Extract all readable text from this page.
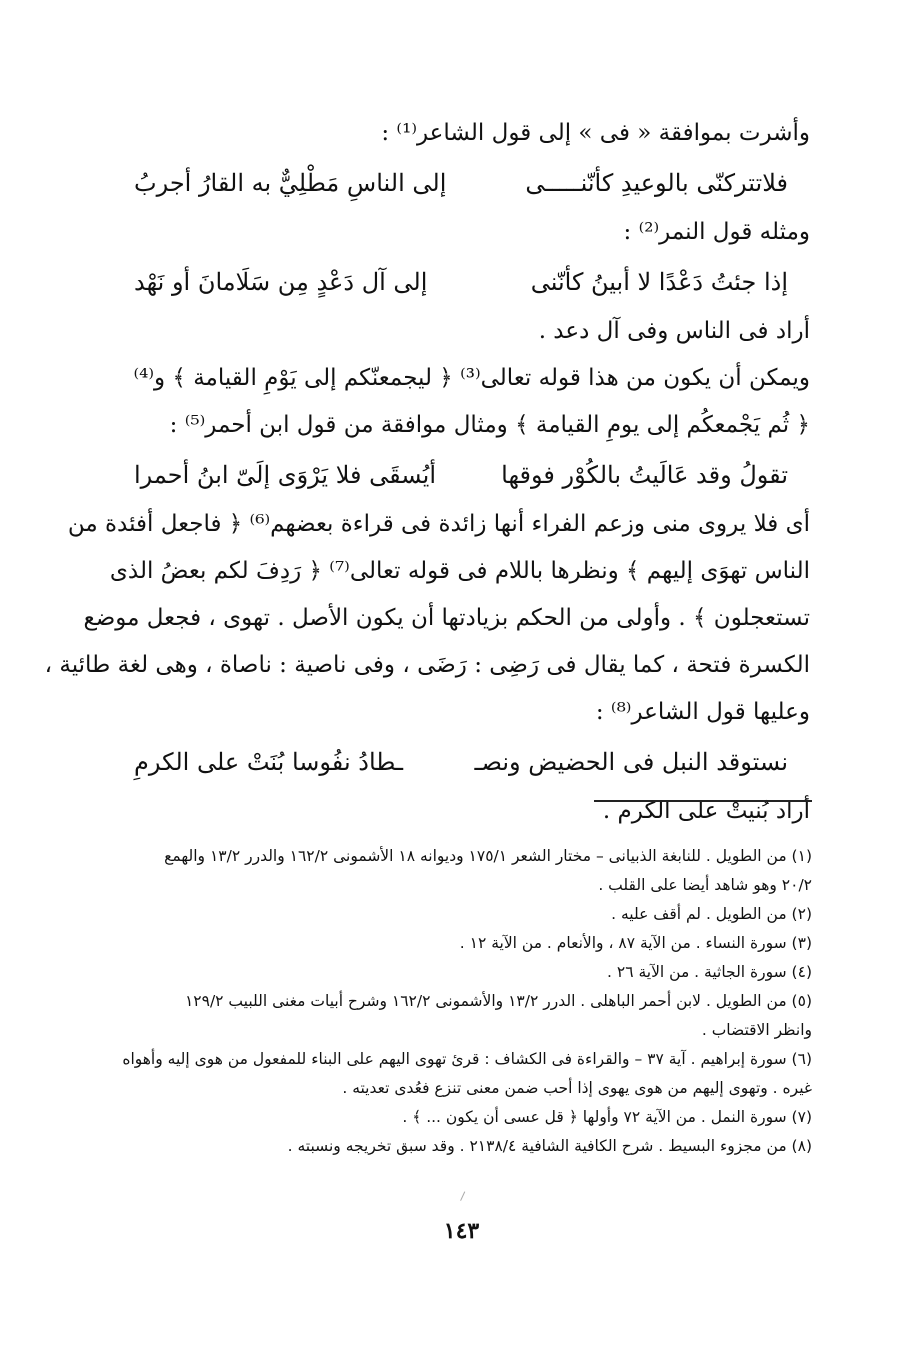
وأشرت بموافقة « فى » إلى قول الشاعر⁽¹⁾ :
فلاتتركنّى بالوعيدِ كأنّنـــــى
إلى الناسِ مَطْلِيٌّ به القارُ أجربُ
ومثله قول النمر⁽²⁾ :
إذا جئتُ دَعْدًا لا أبينُ كأنّنى
إلى آل دَعْدٍ مِن سَلَامانَ أو نَهْد
أراد فى الناس وفى آل دعد .
ويمكن أن يكون من هذا قوله تعالى⁽³⁾ ﴿ ليجمعنّكم إلى يَوْمِ القيامة ﴾ و⁽⁴⁾
﴿ ثُم يَجْمعكُم إلى يومِ القيامة ﴾ ومثال موافقة من قول ابن أحمر⁽⁵⁾ :
تقولُ وقد عَالَيتُ بالكُوْر فوقها
أيُسقَى فلا يَرْوَى إلَىّ ابنُ أحمرا
أى فلا يروى منى وزعم الفراء أنها زائدة فى قراءة بعضهم⁽⁶⁾ ﴿ فاجعل أفئدة من
الناس تهوَى إليهم ﴾ ونظرها باللام فى قوله تعالى⁽⁷⁾ ﴿ رَدِفَ لكم بعضُ الذى
تستعجلون ﴾ . وأولى من الحكم بزيادتها أن يكون الأصل . تهوى ، فجعل موضع
الكسرة فتحة ، كما يقال فى رَضِى : رَضَى ، وفى ناصية : ناصاة ، وهى لغة طائية ،
وعليها قول الشاعر⁽⁸⁾ :
نستوقد النبل فى الحضيض ونصـ
ـطادُ نفُوسا بُنَتْ على الكرمِ
أراد بُنيتْ على الكرم .
(١) من الطويل . للنابغة الذبيانى – مختار الشعر ١٧٥/١ وديوانه ١٨ الأشمونى ١٦٢/٢ والدرر ١٣/٢ والهمع
٢٠/٢ وهو شاهد أيضا على القلب .
(٢) من الطويل . لم أقف عليه .
(٣) سورة النساء . من الآية ٨٧ ، والأنعام . من الآية ١٢ .
(٤) سورة الجاثية . من الآية ٢٦ .
(٥) من الطويل . لابن أحمر الباهلى . الدرر ١٣/٢ والأشمونى ١٦٢/٢ وشرح أبيات مغنى اللبيب ١٢٩/٢
وانظر الاقتضاب .
(٦) سورة إبراهيم . آية ٣٧ – والقراءة فى الكشاف : قرئ تهوى اليهم على البناء للمفعول من هوى إليه وأهواه
غيره . وتهوى إليهم من هوى يهوى إذا أحب ضمن معنى تنزع فعُدى تعديته .
(٧) سورة النمل . من الآية ٧٢ وأولها ﴿ قل عسى أن يكون ... ﴾ .
(٨) من مجزوء البسيط . شرح الكافية الشافية ٢١٣٨/٤ . وقد سبق تخريجه ونسبته .
١٤٣
